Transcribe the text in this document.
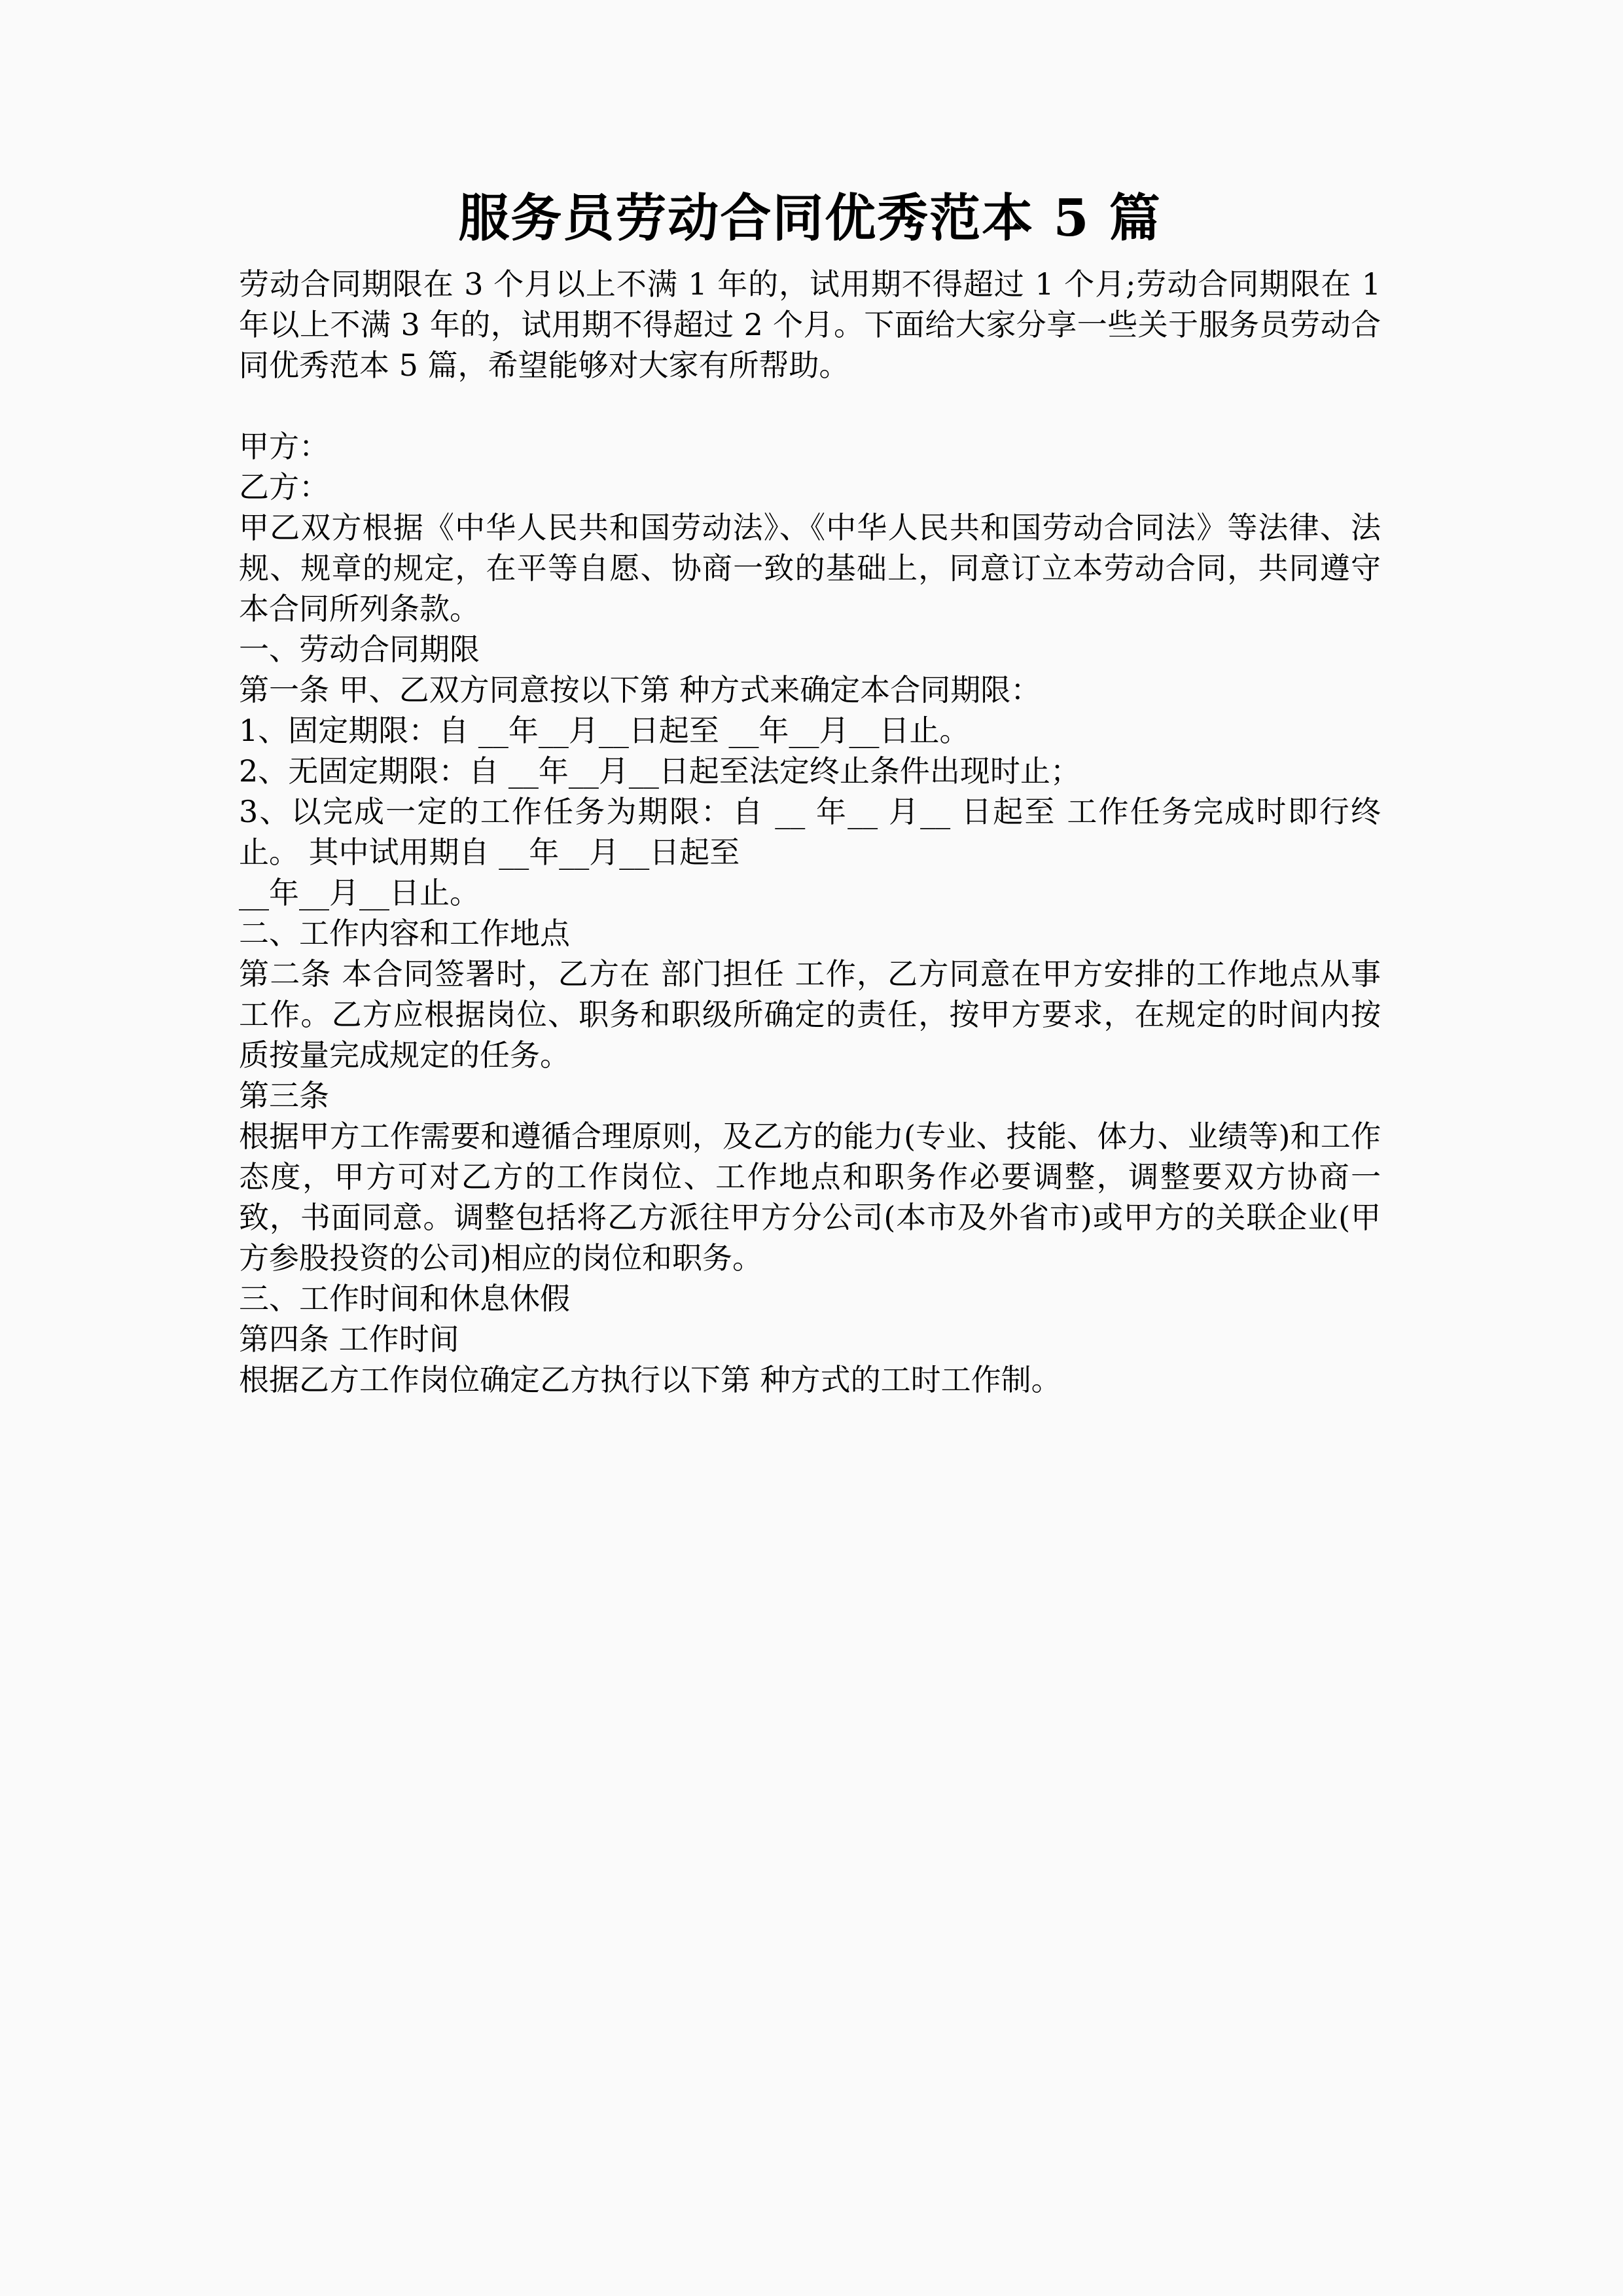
服务员劳动合同优秀范本 5 篇

劳动合同期限在 3 个月以上不满 1 年的，试用期不得超过 1 个月;劳动合同期限在 1 年以上不满 3 年的，试用期不得超过 2 个月。下面给大家分享一些关于服务员劳动合同优秀范本 5 篇，希望能够对大家有所帮助。

甲方：

乙方：

甲乙双方根据《中华人民共和国劳动法》、《中华人民共和国劳动合同法》等法律、法规、规章的规定，在平等自愿、协商一致的基础上，同意订立本劳动合同，共同遵守本合同所列条款。

一、劳动合同期限

第一条 甲、乙双方同意按以下第 种方式来确定本合同期限：

1、固定期限：自 __年__月__日起至 __年__月__日止。

2、无固定期限：自 __年__月__日起至法定终止条件出现时止；

3、以完成一定的工作任务为期限：自 __ 年__ 月__ 日起至 工作任务完成时即行终止。 其中试用期自 __年__月__日起至

__年__月__日止。

二、工作内容和工作地点

第二条 本合同签署时，乙方在 部门担任 工作，乙方同意在甲方安排的工作地点从事工作。乙方应根据岗位、职务和职级所确定的责任，按甲方要求，在规定的时间内按质按量完成规定的任务。

第三条

根据甲方工作需要和遵循合理原则，及乙方的能力(专业、技能、体力、业绩等)和工作态度，甲方可对乙方的工作岗位、工作地点和职务作必要调整，调整要双方协商一致，书面同意。调整包括将乙方派往甲方分公司(本市及外省市)或甲方的关联企业(甲方参股投资的公司)相应的岗位和职务。

三、工作时间和休息休假

第四条 工作时间

根据乙方工作岗位确定乙方执行以下第 种方式的工时工作制。
